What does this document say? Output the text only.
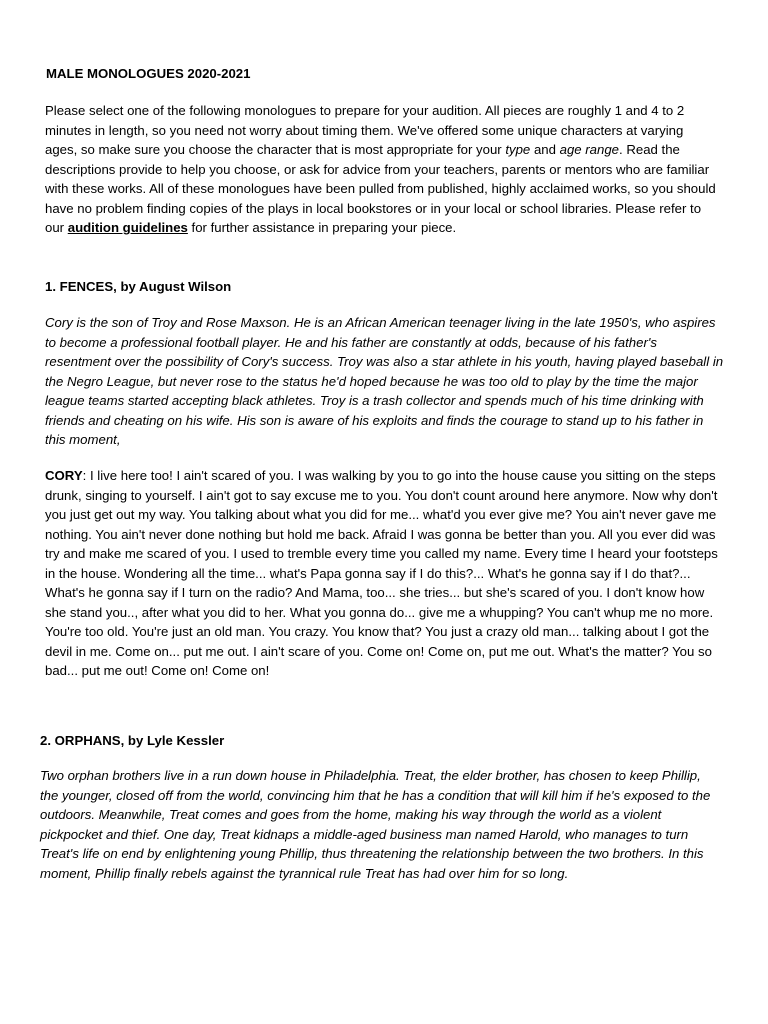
MALE MONOLOGUES 2020-2021

Please select one of the following monologues to prepare for your audition. All pieces are roughly 1 and 4 to 2 minutes in length, so you need not worry about timing them. We've offered some unique characters at varying ages, so make sure you choose the character that is most appropriate for your type and age range. Read the descriptions provide to help you choose, or ask for advice from your teachers, parents or mentors who are familiar with these works. All of these monologues have been pulled from published, highly acclaimed works, so you should have no problem finding copies of the plays in local bookstores or in your local or school libraries. Please refer to our audition guidelines for further assistance in preparing your piece.

1. FENCES, by August Wilson

Cory is the son of Troy and Rose Maxson. He is an African American teenager living in the late 1950's, who aspires to become a professional football player. He and his father are constantly at odds, because of his father's resentment over the possibility of Cory's success. Troy was also a star athlete in his youth, having played baseball in the Negro League, but never rose to the status he'd hoped because he was too old to play by the time the major league teams started accepting black athletes. Troy is a trash collector and spends much of his time drinking with friends and cheating on his wife. His son is aware of his exploits and finds the courage to stand up to his father in this moment,

CORY: I live here too! I ain't scared of you. I was walking by you to go into the house cause you sitting on the steps drunk, singing to yourself. I ain't got to say excuse me to you. You don't count around here anymore. Now why don't you just get out my way. You talking about what you did for me... what'd you ever give me? You ain't never gave me nothing. You ain't never done nothing but hold me back. Afraid I was gonna be better than you. All you ever did was try and make me scared of you. I used to tremble every time you called my name. Every time I heard your footsteps in the house. Wondering all the time... what's Papa gonna say if I do this?... What's he gonna say if I do that?... What's he gonna say if I turn on the radio? And Mama, too... she tries... but she's scared of you. I don't know how she stand you.., after what you did to her. What you gonna do... give me a whupping? You can't whup me no more. You're too old. You're just an old man. You crazy. You know that? You just a crazy old man... talking about I got the devil in me. Come on... put me out. I ain't scare of you. Come on! Come on, put me out. What's the matter? You so bad... put me out! Come on! Come on!

2. ORPHANS, by Lyle Kessler

Two orphan brothers live in a run down house in Philadelphia. Treat, the elder brother, has chosen to keep Phillip, the younger, closed off from the world, convincing him that he has a condition that will kill him if he's exposed to the outdoors. Meanwhile, Treat comes and goes from the home, making his way through the world as a violent pickpocket and thief. One day, Treat kidnaps a middle-aged business man named Harold, who manages to turn Treat's life on end by enlightening young Phillip, thus threatening the relationship between the two brothers. In this moment, Phillip finally rebels against the tyrannical rule Treat has had over him for so long.
